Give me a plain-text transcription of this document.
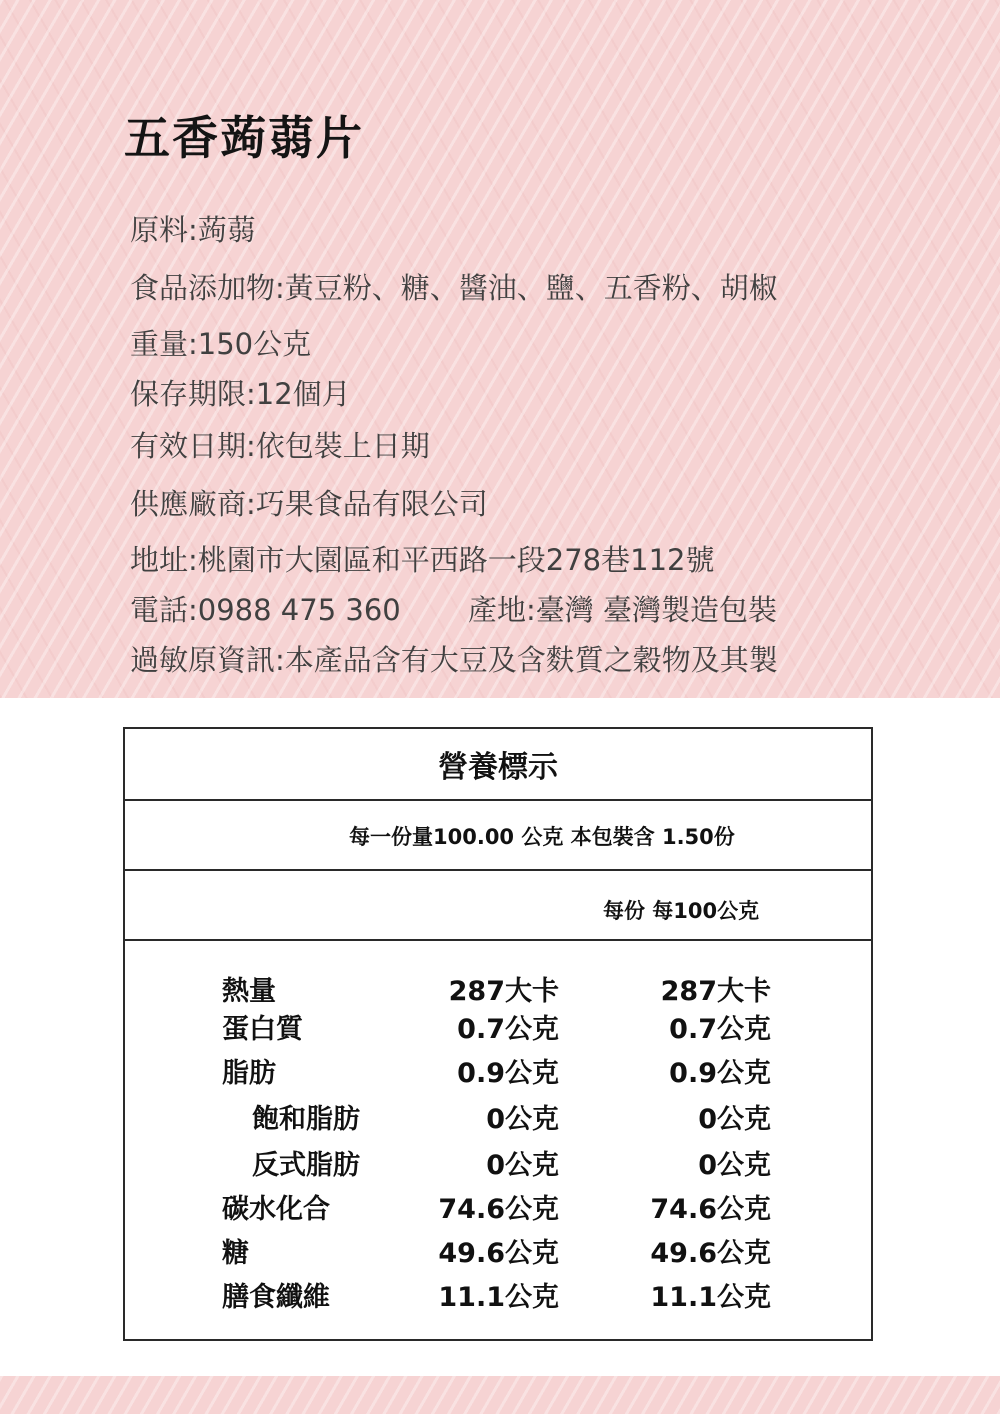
五香蒟蒻片
原料:蒟蒻
食品添加物:黃豆粉、糖、醬油、鹽、五香粉、胡椒
重量:150公克
保存期限:12個月
有效日期:依包裝上日期
供應廠商:巧果食品有限公司
地址:桃園市大園區和平西路一段278巷112號
電話:0988 475 360 產地:臺灣 臺灣製造包裝
過敏原資訊:本產品含有大豆及含麩質之穀物及其製
營養標示
每一份量100.00 公克 本包裝含 1.50份
每份 每100公克
熱量	287大卡	287大卡
蛋白質	0.7公克	0.7公克
脂肪	0.9公克	0.9公克
飽和脂肪	0公克	0公克
反式脂肪	0公克	0公克
碳水化合	74.6公克	74.6公克
糖	49.6公克	49.6公克
膳食纖維	11.1公克	11.1公克
